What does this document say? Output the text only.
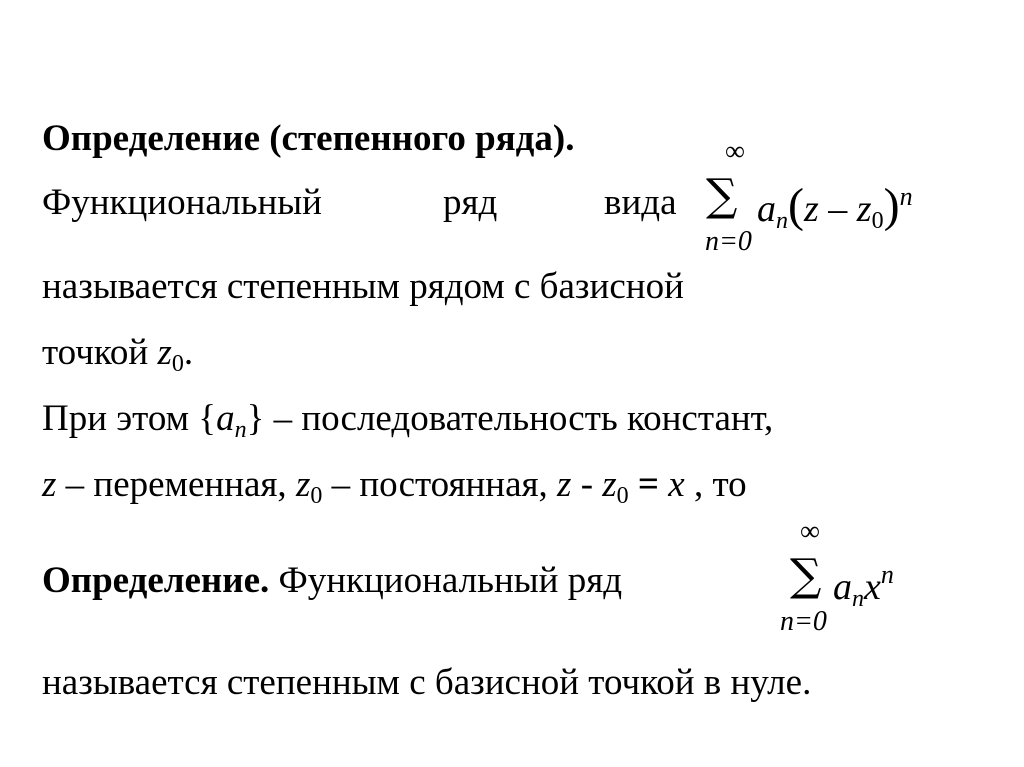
Определение (степенного ряда).
Функциональный	ряд	вида
∞
∑
n=0
$an(z - z_0)^n$
называется степенным рядом с базисной
точкой $z_0$.
При этом {an} – последовательность констант,
z – переменная, $z_0$ – постоянная, $z - z_0 = x$ , то
Определение. Функциональный ряд
∞
∑
n=0
anx$^n$
называется степенным с базисной точкой в нуле.
